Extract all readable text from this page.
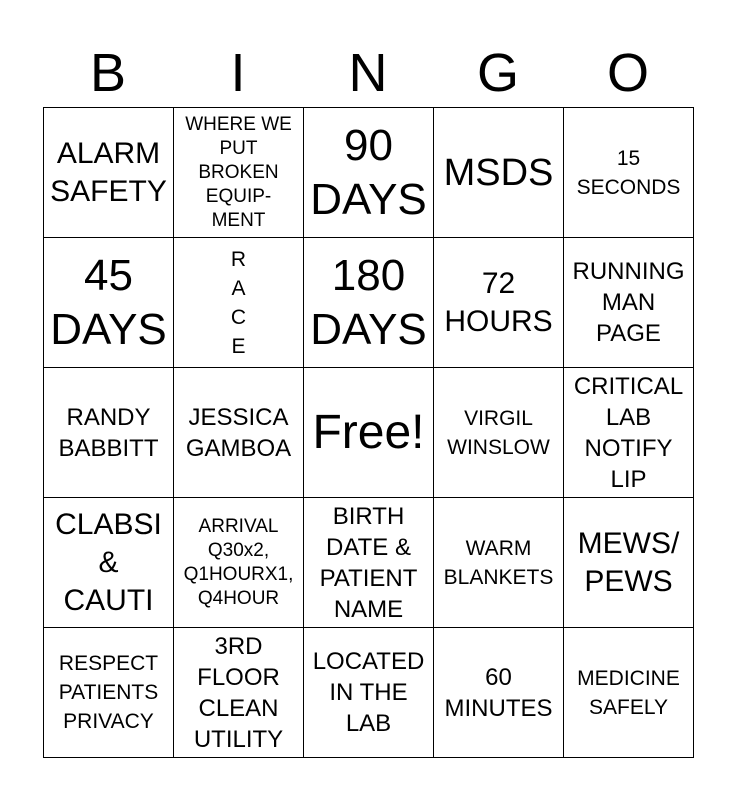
B	I	N	G	O
ALARM
SAFETY	WHERE WE
PUT
BROKEN
EQUIP-
MENT	90
DAYS	MSDS	15
SECONDS

45
DAYS	R
A
C
E	180
DAYS	72
HOURS	RUNNING
MAN
PAGE

RANDY
BABBITT	JESSICA
GAMBOA	Free!	VIRGIL
WINSLOW	CRITICAL
LAB
NOTIFY
LIP

CLABSI
&
CAUTI	ARRIVAL
Q30x2,
Q1HOURX1,
Q4HOUR	BIRTH
DATE &
PATIENT
NAME	WARM
BLANKETS	MEWS/
PEWS

RESPECT
PATIENTS
PRIVACY	3RD
FLOOR
CLEAN
UTILITY	LOCATED
IN THE
LAB	60
MINUTES	MEDICINE
SAFELY
